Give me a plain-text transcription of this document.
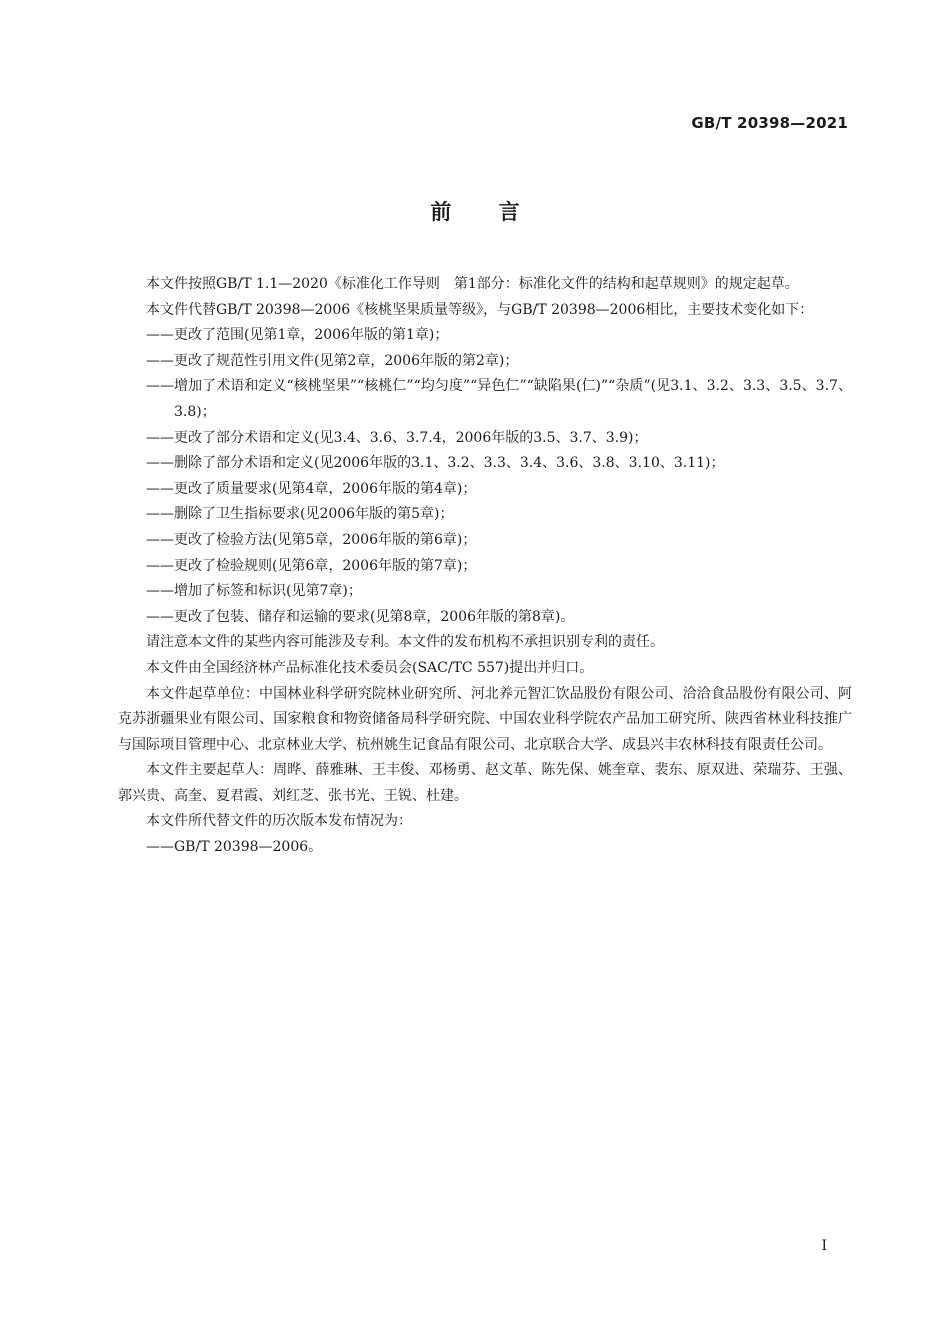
GB/T 20398—2021
前 言

本文件按照GB/T 1.1—2020《标准化工作导则　第1部分：标准化文件的结构和起草规则》的规定起草。

本文件代替GB/T 20398—2006《核桃坚果质量等级》，与GB/T 20398—2006相比，主要技术变化如下：

——更改了范围(见第1章，2006年版的第1章)；

——更改了规范性引用文件(见第2章，2006年版的第2章)；

——增加了术语和定义“核桃坚果”“核桃仁”“均匀度”“异色仁”“缺陷果(仁)”“杂质”(见3.1、3.2、3.3、3.5、3.7、3.8)；

——更改了部分术语和定义(见3.4、3.6、3.7.4，2006年版的3.5、3.7、3.9)；

——删除了部分术语和定义(见2006年版的3.1、3.2、3.3、3.4、3.6、3.8、3.10、3.11)；

——更改了质量要求(见第4章，2006年版的第4章)；

——删除了卫生指标要求(见2006年版的第5章)；

——更改了检验方法(见第5章，2006年版的第6章)；

——更改了检验规则(见第6章，2006年版的第7章)；

——增加了标签和标识(见第7章)；

——更改了包装、储存和运输的要求(见第8章，2006年版的第8章)。

请注意本文件的某些内容可能涉及专利。本文件的发布机构不承担识别专利的责任。

本文件由全国经济林产品标准化技术委员会(SAC/TC 557)提出并归口。

本文件起草单位：中国林业科学研究院林业研究所、河北养元智汇饮品股份有限公司、洽洽食品股份有限公司、阿克苏浙疆果业有限公司、国家粮食和物资储备局科学研究院、中国农业科学院农产品加工研究所、陕西省林业科技推广与国际项目管理中心、北京林业大学、杭州姚生记食品有限公司、北京联合大学、成县兴丰农林科技有限责任公司。

本文件主要起草人：周晔、薛雅琳、王丰俊、邓杨勇、赵文革、陈先保、姚奎章、裴东、原双进、荣瑞芬、王强、郭兴贵、高奎、夏君霞、刘红芝、张书光、王锐、杜建。

本文件所代替文件的历次版本发布情况为：

——GB/T 20398—2006。

I
